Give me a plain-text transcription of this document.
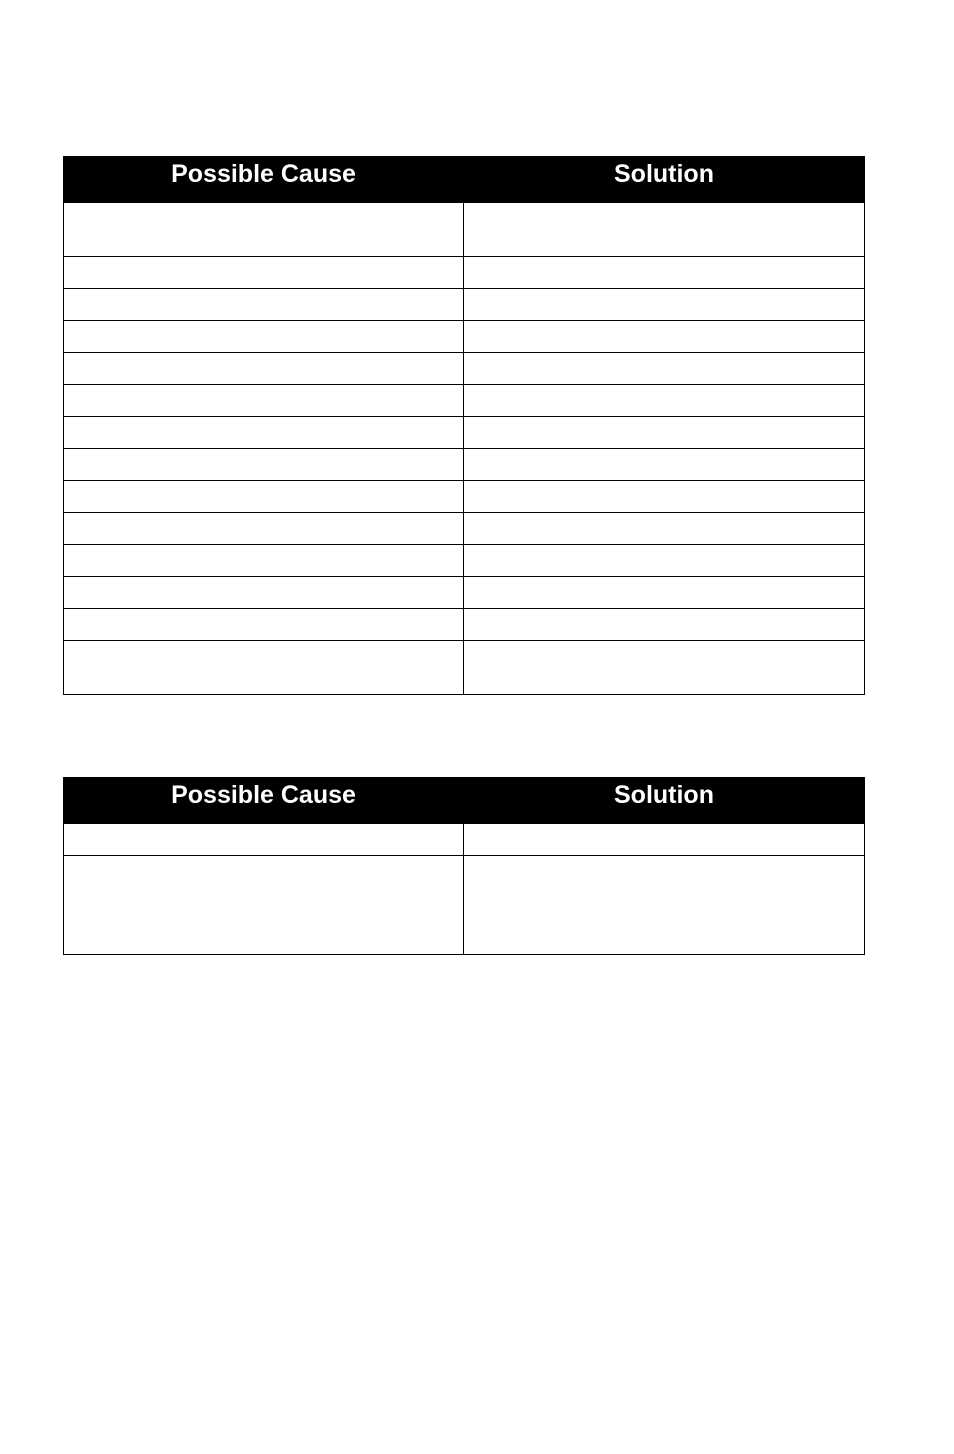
Possible Cause	Solution

Possible Cause	Solution
